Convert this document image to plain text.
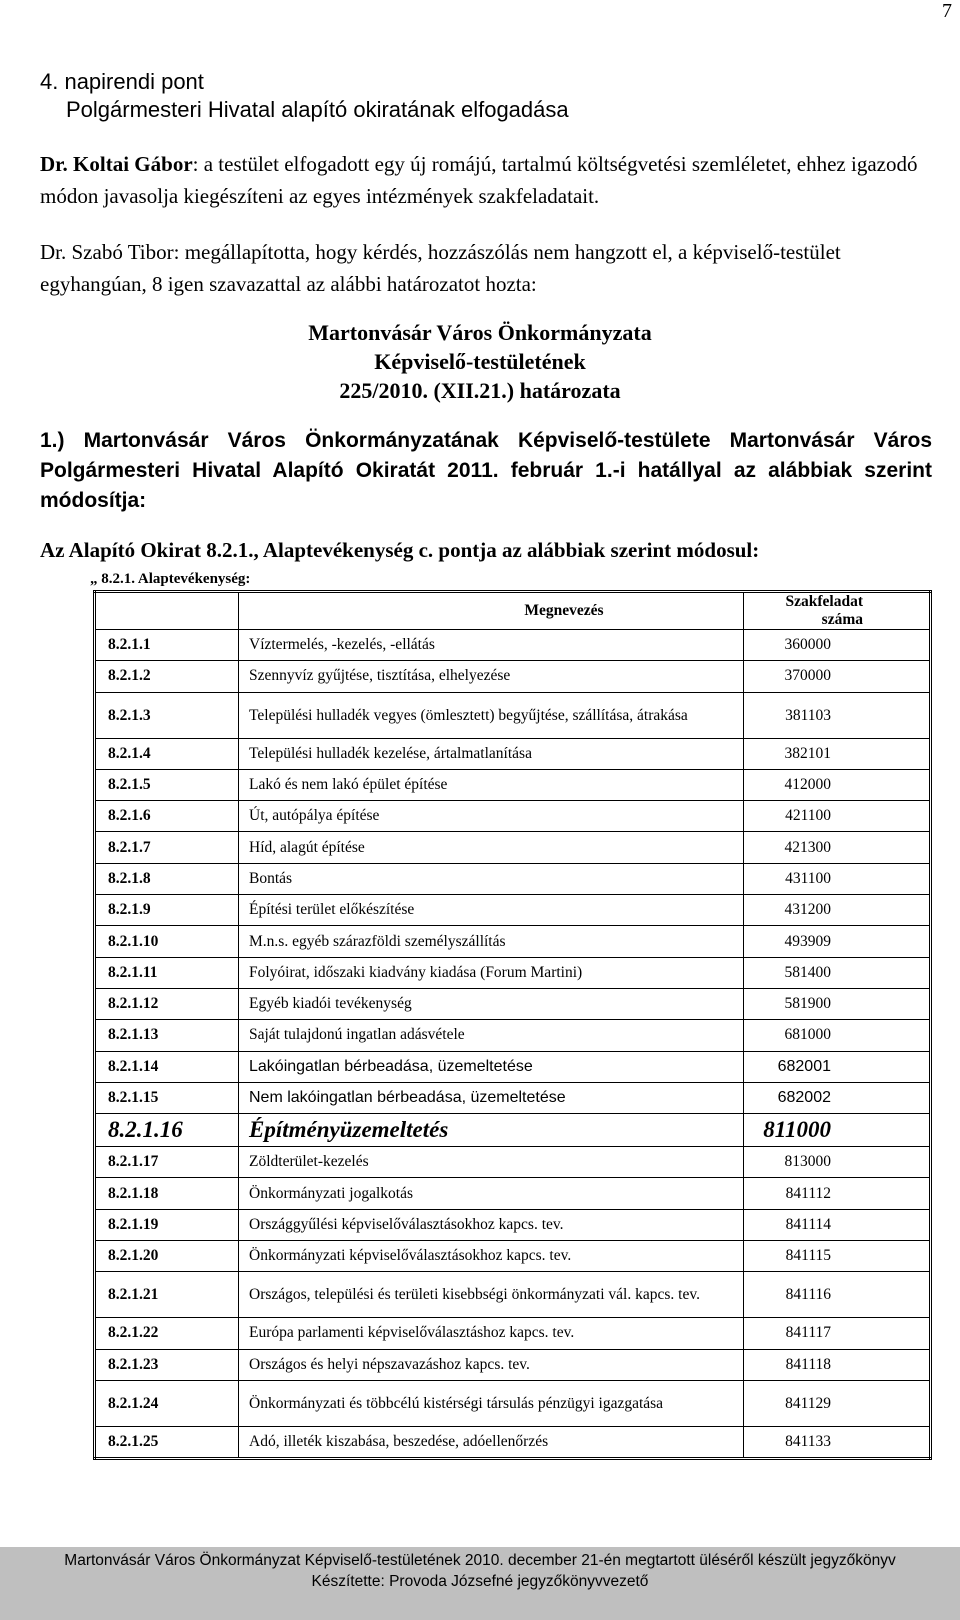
7
4. napirendi pont
Polgármesteri Hivatal alapító okiratának elfogadása
Dr. Koltai Gábor: a testület elfogadott egy új romájú, tartalmú költségvetési szemléletet, ehhez igazodó módon javasolja kiegészíteni az egyes intézmények szakfeladatait.
Dr. Szabó Tibor: megállapította, hogy kérdés, hozzászólás nem hangzott el, a képviselő-testület egyhangúan, 8 igen szavazattal az alábbi határozatot hozta:
Martonvásár Város Önkormányzata
Képviselő-testületének
225/2010. (XII.21.) határozata
1.) Martonvásár Város Önkormányzatának Képviselő-testülete Martonvásár Város Polgármesteri Hivatal Alapító Okiratát 2011. február 1.-i hatállyal az alábbiak szerint módosítja:
Az Alapító Okirat 8.2.1., Alaptevékenység c. pontja az alábbiak szerint módosul:
„ 8.2.1. Alaptevékenység:
	Megnevezés	Szakfeladat száma
8.2.1.1	Víztermelés, -kezelés, -ellátás	360000
8.2.1.2	Szennyvíz gyűjtése, tisztítása, elhelyezése	370000
8.2.1.3	Települési hulladék vegyes (ömlesztett) begyűjtése, szállítása, átrakása	381103
8.2.1.4	Települési hulladék kezelése, ártalmatlanítása	382101
8.2.1.5	Lakó és nem lakó épület építése	412000
8.2.1.6	Út, autópálya építése	421100
8.2.1.7	Híd, alagút építése	421300
8.2.1.8	Bontás	431100
8.2.1.9	Építési terület előkészítése	431200
8.2.1.10	M.n.s. egyéb szárazföldi személyszállítás	493909
8.2.1.11	Folyóirat, időszaki kiadvány kiadása (Forum Martini)	581400
8.2.1.12	Egyéb kiadói tevékenység	581900
8.2.1.13	Saját tulajdonú ingatlan adásvétele	681000
8.2.1.14	Lakóingatlan bérbeadása, üzemeltetése	682001
8.2.1.15	Nem lakóingatlan bérbeadása, üzemeltetése	682002
8.2.1.16	Építményüzemeltetés	811000
8.2.1.17	Zöldterület-kezelés	813000
8.2.1.18	Önkormányzati jogalkotás	841112
8.2.1.19	Országgyűlési képviselőválasztásokhoz kapcs. tev.	841114
8.2.1.20	Önkormányzati képviselőválasztásokhoz kapcs. tev.	841115
8.2.1.21	Országos, települési és területi kisebbségi önkormányzati vál. kapcs. tev.	841116
8.2.1.22	Európa parlamenti képviselőválasztáshoz kapcs. tev.	841117
8.2.1.23	Országos és helyi népszavazáshoz kapcs. tev.	841118
8.2.1.24	Önkormányzati és többcélú kistérségi társulás pénzügyi igazgatása	841129
8.2.1.25	Adó, illeték kiszabása, beszedése, adóellenőrzés	841133
Martonvásár Város Önkormányzat Képviselő-testületének 2010. december 21-én megtartott üléséről készült jegyzőkönyv
Készítette: Provoda Józsefné jegyzőkönyvvezető
